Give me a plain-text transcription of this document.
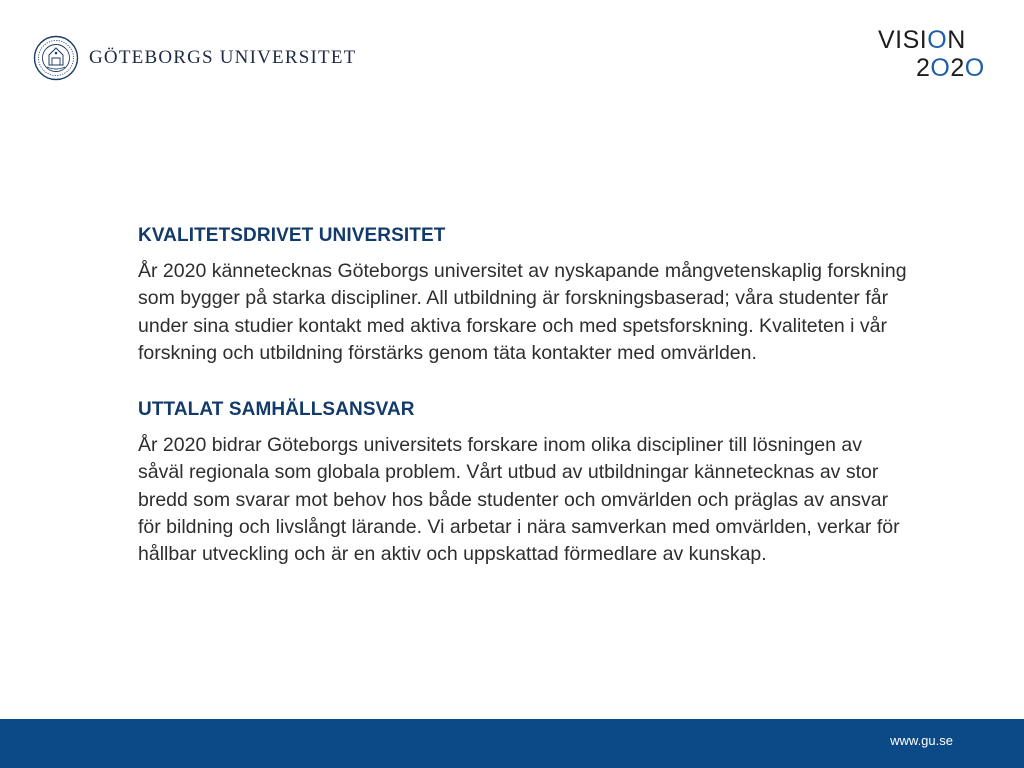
GÖTEBORGS UNIVERSITET
VISION
2O2O
KVALITETSDRIVET UNIVERSITET

År 2020 kännetecknas Göteborgs universitet av nyskapande mångvetenskaplig forskning som bygger på starka discipliner. All utbildning är forskningsbaserad; våra studenter får under sina studier kontakt med aktiva forskare och med spetsforskning. Kvaliteten i vår forskning och utbildning förstärks genom täta kontakter med omvärlden.

UTTALAT SAMHÄLLSANSVAR

År 2020 bidrar Göteborgs universitets forskare inom olika discipliner till lösningen av såväl regionala som globala problem. Vårt utbud av utbildningar kännetecknas av stor bredd som svarar mot behov hos både studenter och omvärlden och präglas av ansvar för bildning och livslångt lärande. Vi arbetar i nära samverkan med omvärlden, verkar för hållbar utveckling och är en aktiv och uppskattad förmedlare av kunskap.

www.gu.se
